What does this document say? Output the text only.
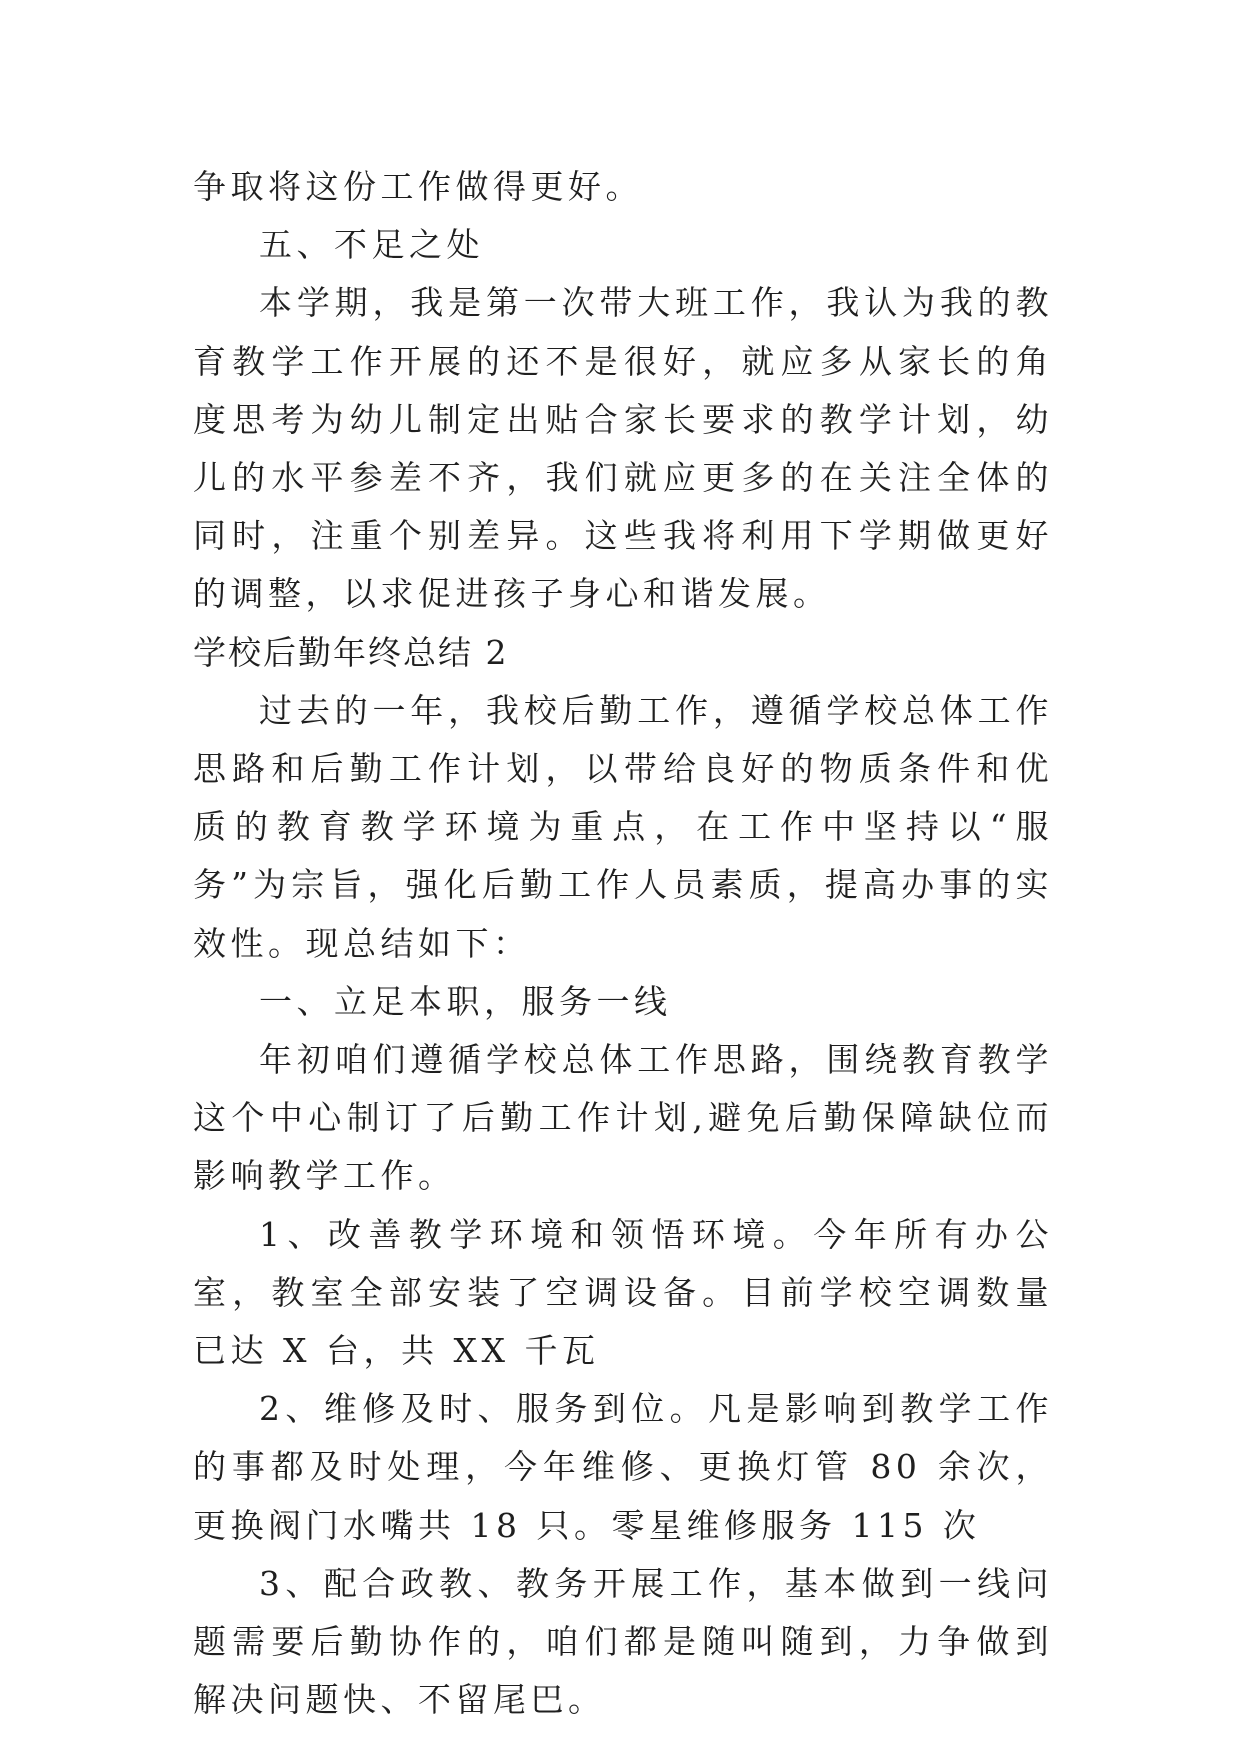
争取将这份工作做得更好。

五、不足之处

本学期，我是第一次带大班工作，我认为我的教育教学工作开展的还不是很好，就应多从家长的角度思考为幼儿制定出贴合家长要求的教学计划，幼儿的水平参差不齐，我们就应更多的在关注全体的同时，注重个别差异。这些我将利用下学期做更好的调整，以求促进孩子身心和谐发展。

学校后勤年终总结 2

过去的一年，我校后勤工作，遵循学校总体工作思路和后勤工作计划，以带给良好的物质条件和优质的教育教学环境为重点，在工作中坚持以“服务”为宗旨，强化后勤工作人员素质，提高办事的实效性。现总结如下：

一、立足本职，服务一线

年初咱们遵循学校总体工作思路，围绕教育教学这个中心制订了后勤工作计划,避免后勤保障缺位而影响教学工作。

1、改善教学环境和领悟环境。今年所有办公室，教室全部安装了空调设备。目前学校空调数量已达 X 台，共 XX 千瓦

2、维修及时、服务到位。凡是影响到教学工作的事都及时处理，今年维修、更换灯管 80 余次，更换阀门水嘴共 18 只。零星维修服务 115 次

3、配合政教、教务开展工作，基本做到一线问题需要后勤协作的，咱们都是随叫随到，力争做到解决问题快、不留尾巴。
